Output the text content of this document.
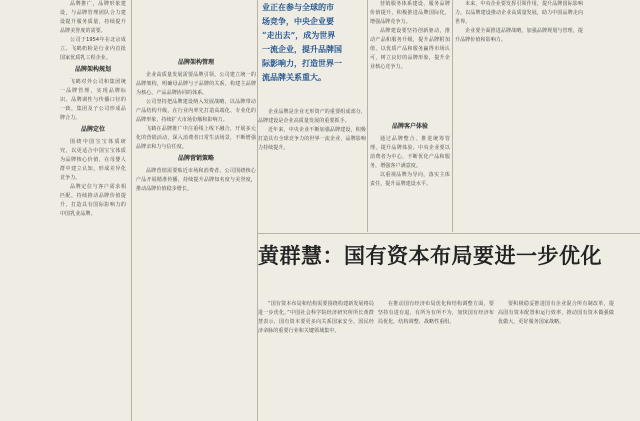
品牌推广，品牌形象建设，与品牌管理团队合力建设提升服务质量，持续提升品牌美誉度的需要。

公司于1954年在北京成立。飞鹤奶粉是行业内首批国家优质乳工程企业。

品牌架构规划

飞鹤对外公司和集团统一品牌管理，实现品牌标识、品牌调性与传播口径的一致，集团及子公司形成品牌合力。

品牌定位

围绕中国宝宝体质研究，以更适合中国宝宝体质为品牌核心价值，在母婴人群中建立认知，形成差异化竞争力。

品牌定位与客户需求相匹配，持续推动品牌价值提升，打造具有国际影响力的中国乳业品牌。

品牌架构管理

企业高质量发展需要品牌引领。公司建立统一的品牌架构，明确母品牌与子品牌的关系，构建主品牌为核心、产品品牌协同的体系。

公司坚持把品牌建设纳入发展战略，以品牌带动产品结构升级，在行业内率先打造高端化、专业化的品牌形象，持续扩大市场份额和影响力。

飞鹤在品牌推广中注重线上线下融合，开展多元化的营销活动，深入消费者日常生活场景，不断增强品牌亲和力与信任度。

品牌营销策略

品牌营销需要贴近市场和消费者。公司围绕核心产品开展精准传播，持续提升品牌知名度与美誉度，推动品牌价值稳步增长。

业正在参与全球的市
场竞争，中央企业要
“走出去”，成为世界
一流企业，提升品牌国
际影响力，打造世界一
流品牌关系重大。

企业品牌是企业无形资产的重要组成部分，品牌建设是企业高质量发展的重要抓手。

近年来，中央企业不断加强品牌建设，积极打造具有全球竞争力的世界一流企业，品牌影响力持续提升。

品牌客户体验

通过品牌整合，推进统筹管理，提升品牌体验。中央企业要以消费者为中心，不断优化产品和服务，增强客户满意度。

以重视品牌为导向，落实主体责任，提升品牌建设水平。

营销服务体系建设，服务品牌价值提升，积极推进品牌国际化，增强品牌竞争力。

品牌建设要坚持创新驱动，推动产品和服务升级，提升品牌附加值，以优质产品和服务赢得市场认可，树立良好的品牌形象，提升企业核心竞争力。

未来，中央企业要发挥引领作用，提升品牌国际影响力，以品牌建设推动企业高质量发展，助力中国品牌走向世界。

企业要全面推进品牌战略，加强品牌规划与管理，提升品牌价值和影响力。

黄群慧：国有资本布局要进一步优化

“国有资本布局和结构需要围绕构建新发展格局进一步优化。”中国社会科学院经济研究所所长黄群慧表示，国有资本要更多向关系国家安全、国民经济命脉的重要行业和关键领域集中。

在推动国有经济布局优化和结构调整方面，要坚持有进有退、有所为有所不为，加快国有经济布局优化、结构调整、战略性重组。

要积极稳妥推进国有企业混合所有制改革，提高国有资本配置和运行效率，推动国有资本做强做优做大，更好服务国家战略。
